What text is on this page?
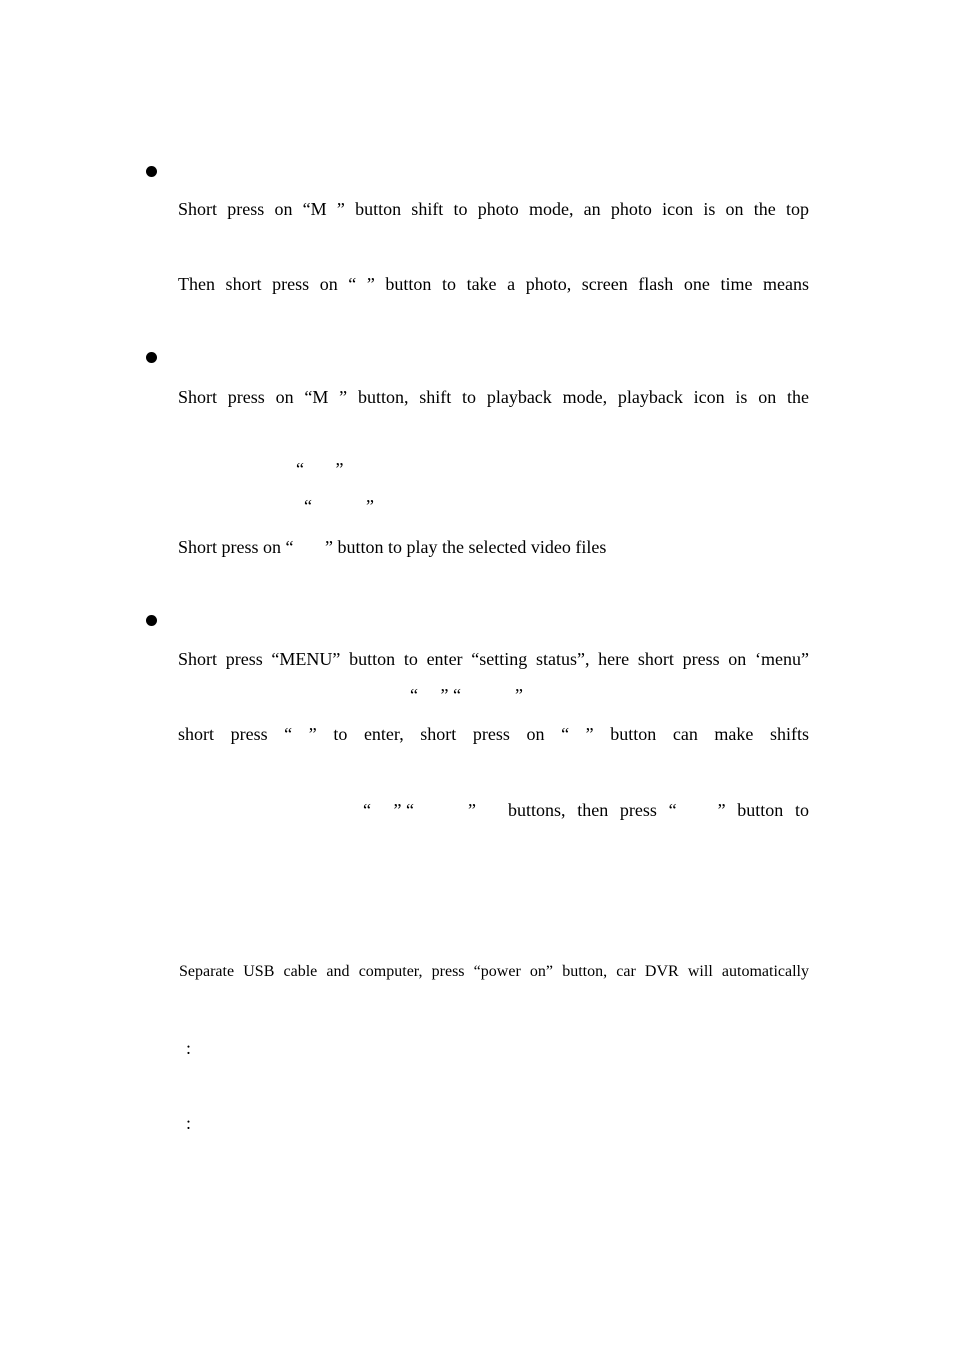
Short press on “M ” button shift to photo mode, an photo icon is on the top
Then short press on “ ” button to take a photo, screen flash one time means
Short press on “M ” button, shift to playback mode, playback icon is on the
“       ”
“            ”
Short press on “       ” button to play the selected video files
Short press “MENU” button to enter “setting status”, here short press on ‘menu”
“     ” “            ”
short press “ ” to enter, short press on “ ” button can make shifts
“     ” “            ” buttons,  then  press  “       ”  button  to
Separate USB cable and computer, press “power on” button, car DVR will automatically
:
:
